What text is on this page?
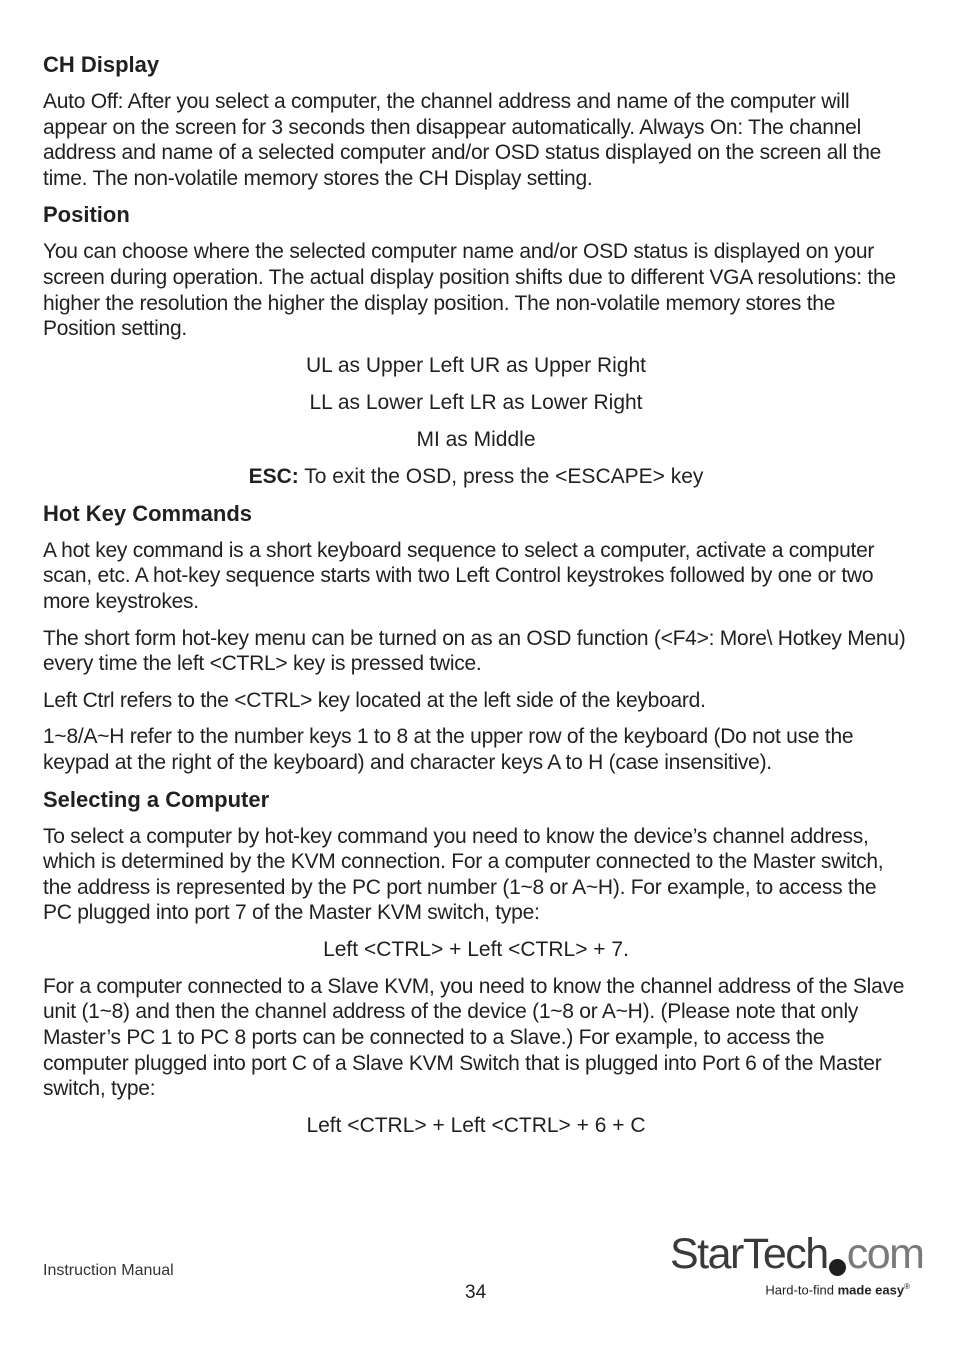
CH Display

Auto Off: After you select a computer, the channel address and name of the computer will appear on the screen for 3 seconds then disappear automatically. Always On: The channel address and name of a selected computer and/or OSD status displayed on the screen all the time. The non-volatile memory stores the CH Display setting.

Position

You can choose where the selected computer name and/or OSD status is displayed on your screen during operation. The actual display position shifts due to different VGA resolutions: the higher the resolution the higher the display position. The non-volatile memory stores the Position setting.

UL as Upper Left UR as Upper Right
LL as Lower Left LR as Lower Right
MI as Middle
ESC: To exit the OSD, press the <ESCAPE> key
Hot Key Commands

A hot key command is a short keyboard sequence to select a computer, activate a computer scan, etc. A hot-key sequence starts with two Left Control keystrokes followed by one or two more keystrokes.

The short form hot-key menu can be turned on as an OSD function (<F4>: More\ Hotkey Menu) every time the left <CTRL> key is pressed twice.

Left Ctrl refers to the <CTRL> key located at the left side of the keyboard.

1~8/A~H refer to the number keys 1 to 8 at the upper row of the keyboard (Do not use the keypad at the right of the keyboard) and character keys A to H (case insensitive).

Selecting a Computer

To select a computer by hot-key command you need to know the device’s channel address, which is determined by the KVM connection. For a computer connected to the Master switch, the address is represented by the PC port number (1~8 or A~H). For example, to access the PC plugged into port 7 of the Master KVM switch, type:

Left <CTRL> + Left <CTRL> + 7.

For a computer connected to a Slave KVM, you need to know the channel address of the Slave unit (1~8) and then the channel address of the device (1~8 or A~H). (Please note that only Master’s PC 1 to PC 8 ports can be connected to a Slave.) For example, to access the computer plugged into port C of a Slave KVM Switch that is plugged into Port 6 of the Master switch, type:

Left <CTRL> + Left <CTRL> + 6 + C
Instruction Manual
34
StarTech com
Hard-to-find made easy®
